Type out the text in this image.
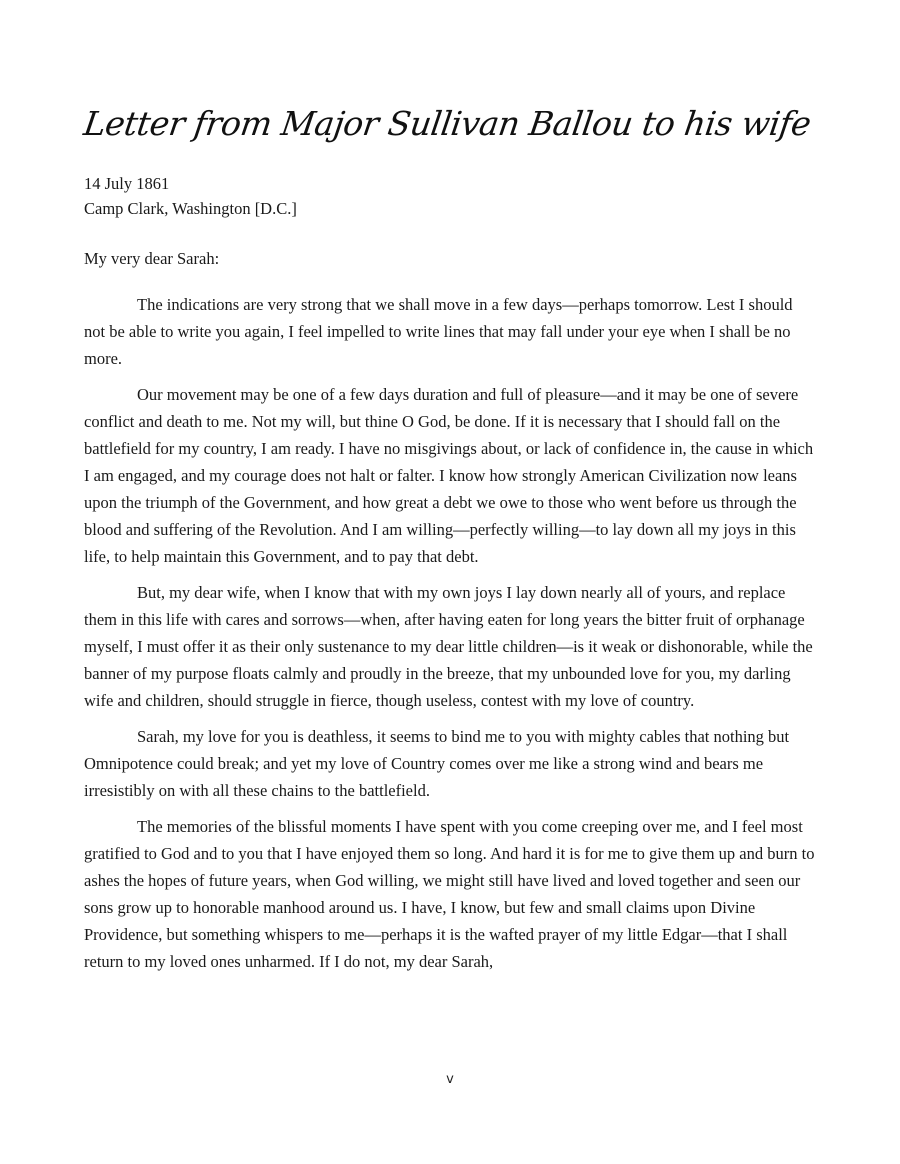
Letter from Major Sullivan Ballou to his wife
14 July 1861
Camp Clark, Washington [D.C.]
My very dear Sarah:

The indications are very strong that we shall move in a few days—perhaps tomorrow. Lest I should not be able to write you again, I feel impelled to write lines that may fall under your eye when I shall be no more.

Our movement may be one of a few days duration and full of pleasure—and it may be one of severe conflict and death to me. Not my will, but thine O God, be done. If it is necessary that I should fall on the battlefield for my country, I am ready. I have no misgivings about, or lack of confidence in, the cause in which I am engaged, and my courage does not halt or falter. I know how strongly American Civilization now leans upon the triumph of the Government, and how great a debt we owe to those who went before us through the blood and suffering of the Revolution. And I am willing—perfectly willing—to lay down all my joys in this life, to help maintain this Government, and to pay that debt.

But, my dear wife, when I know that with my own joys I lay down nearly all of yours, and replace them in this life with cares and sorrows—when, after having eaten for long years the bitter fruit of orphanage myself, I must offer it as their only sustenance to my dear little children—is it weak or dishonorable, while the banner of my purpose floats calmly and proudly in the breeze, that my unbounded love for you, my darling wife and children, should struggle in fierce, though useless, contest with my love of country.

Sarah, my love for you is deathless, it seems to bind me to you with mighty cables that nothing but Omnipotence could break; and yet my love of Country comes over me like a strong wind and bears me irresistibly on with all these chains to the battlefield.

The memories of the blissful moments I have spent with you come creeping over me, and I feel most gratified to God and to you that I have enjoyed them so long. And hard it is for me to give them up and burn to ashes the hopes of future years, when God willing, we might still have lived and loved together and seen our sons grow up to honorable manhood around us. I have, I know, but few and small claims upon Divine Providence, but something whispers to me—perhaps it is the wafted prayer of my little Edgar—that I shall return to my loved ones unharmed. If I do not, my dear Sarah,

v
